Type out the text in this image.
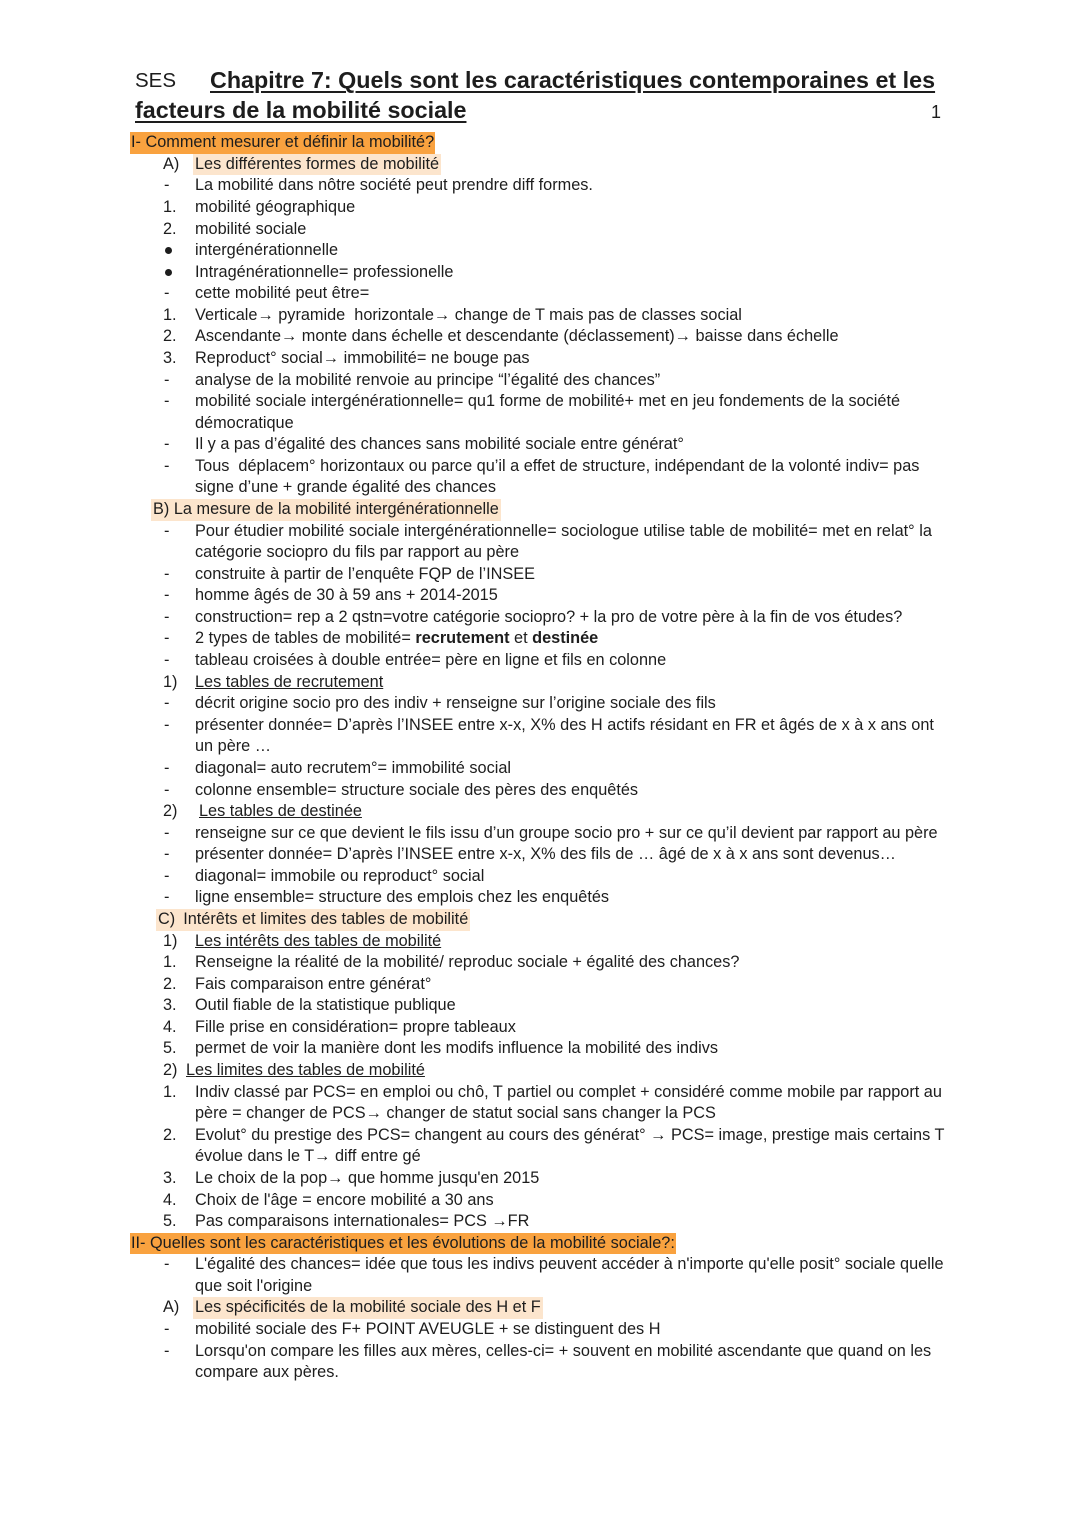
SES Chapitre 7: Quels sont les caractéristiques contemporaines et les
facteurs de la mobilité sociale	1
I- Comment mesurer et définir la mobilité?
A) Les différentes formes de mobilité
- La mobilité dans nôtre société peut prendre diff formes.
1. mobilité géographique
2. mobilité sociale
intergénérationnelle
Intragénérationnelle= professionelle
- cette mobilité peut être=
1. Verticale→ pyramide  horizontale→ change de T mais pas de classes social
2. Ascendante→ monte dans échelle et descendante (déclassement)→ baisse dans échelle
3. Reproduct° social→ immobilité= ne bouge pas
- analyse de la mobilité renvoie au principe “l’égalité des chances”
- mobilité sociale intergénérationnelle= qu1 forme de mobilité+ met en jeu fondements de la société
démocratique
- Il y a pas d’égalité des chances sans mobilité sociale entre générat°
- Tous  déplacem° horizontaux ou parce qu’il a effet de structure, indépendant de la volonté indiv= pas
signe d’une + grande égalité des chances
B) La mesure de la mobilité intergénérationnelle
- Pour étudier mobilité sociale intergénérationnelle= sociologue utilise table de mobilité= met en relat° la
catégorie sociopro du fils par rapport au père
- construite à partir de l’enquête FQP de l’INSEE
- homme âgés de 30 à 59 ans + 2014-2015
- construction= rep a 2 qstn=votre catégorie sociopro? + la pro de votre père à la fin de vos études?
- 2 types de tables de mobilité= recrutement et destinée
- tableau croisées à double entrée= père en ligne et fils en colonne
1) Les tables de recrutement
- décrit origine socio pro des indiv + renseigne sur l’origine sociale des fils
- présenter donnée= D’après l’INSEE entre x-x, X% des H actifs résidant en FR et âgés de x à x ans ont
un père …
- diagonal= auto recrutem°= immobilité social
- colonne ensemble= structure sociale des pères des enquêtés
2) Les tables de destinée
- renseigne sur ce que devient le fils issu d’un groupe socio pro + sur ce qu’il devient par rapport au père
- présenter donnée= D’après l’INSEE entre x-x, X% des fils de … âgé de x à x ans sont devenus…
- diagonal= immobile ou reproduct° social
- ligne ensemble= structure des emplois chez les enquêtés
C) Intérêts et limites des tables de mobilité
1) Les intérêts des tables de mobilité
1. Renseigne la réalité de la mobilité/ reproduc sociale + égalité des chances?
2. Fais comparaison entre générat°
3. Outil fiable de la statistique publique
4. Fille prise en considération= propre tableaux
5. permet de voir la manière dont les modifs influence la mobilité des indivs
2) Les limites des tables de mobilité
1. Indiv classé par PCS= en emploi ou chô, T partiel ou complet + considéré comme mobile par rapport au
père = changer de PCS→ changer de statut social sans changer la PCS
2. Evolut° du prestige des PCS= changent au cours des générat° → PCS= image, prestige mais certains T
évolue dans le T→ diff entre gé
3. Le choix de la pop→ que homme jusqu'en 2015
4. Choix de l'âge = encore mobilité a 30 ans
5. Pas comparaisons internationales= PCS →FR
II- Quelles sont les caractéristiques et les évolutions de la mobilité sociale?:
- L'égalité des chances= idée que tous les indivs peuvent accéder à n'importe qu'elle posit° sociale quelle
que soit l'origine
A) Les spécificités de la mobilité sociale des H et F
- mobilité sociale des F+ POINT AVEUGLE + se distinguent des H
- Lorsqu'on compare les filles aux mères, celles-ci= + souvent en mobilité ascendante que quand on les
compare aux pères.
